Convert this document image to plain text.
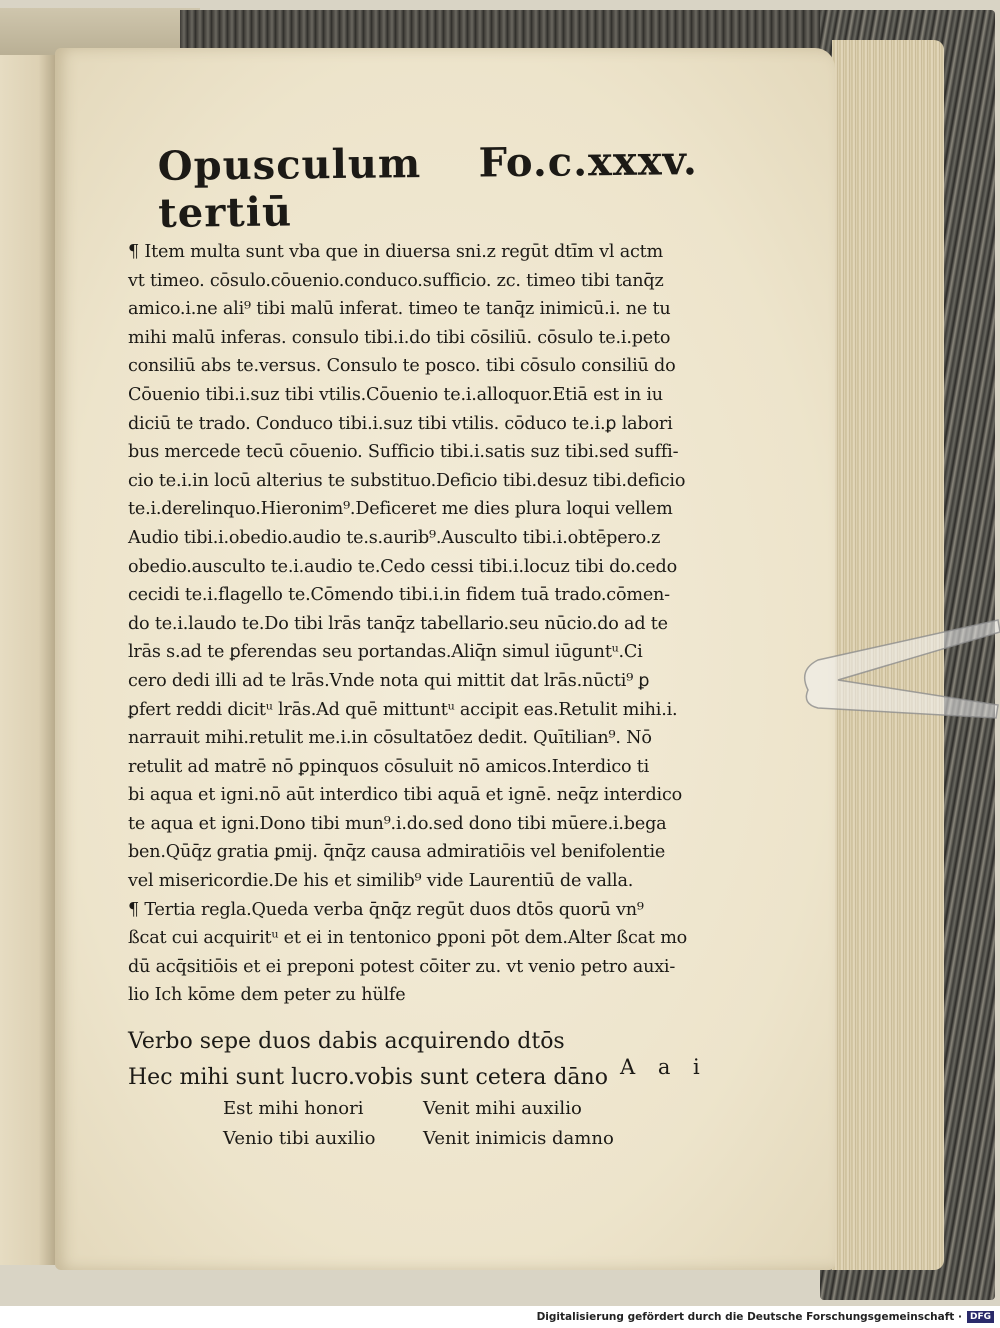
Opusculum tertiū
Fo.c.xxxv.
¶ Item multa sunt vba que in diuersa sni.z regūt dtīm vl actm
vt timeo. cōsulo.cōuenio.conduco.sufficio. zc. timeo tibi tanq̄z
amico.i.ne ali⁹ tibi malū inferat. timeo te tanq̄z inimicū.i. ne tu
mihi malū inferas. consulo tibi.i.do tibi cōsiliū. cōsulo te.i.peto
consiliū abs te.versus. Consulo te posco. tibi cōsulo consiliū do
Cōuenio tibi.i.suz tibi vtilis.Cōuenio te.i.alloquor.Etiā est in iu
diciū te trado. Conduco tibi.i.suz tibi vtilis. cōduco te.i.ꝑ labori
bus mercede tecū cōuenio. Sufficio tibi.i.satis suz tibi.sed suffi-
cio te.i.in locū alterius te substituo.Deficio tibi.desuz tibi.deficio
te.i.derelinquo.Hieronim⁹.Deficeret me dies plura loqui vellem
Audio tibi.i.obedio.audio te.s.aurib⁹.Ausculto tibi.i.obtēpero.z
obedio.ausculto te.i.audio te.Cedo cessi tibi.i.locuz tibi do.cedo
cecidi te.i.flagello te.Cōmendo tibi.i.in fidem tuā trado.cōmen-
do te.i.laudo te.Do tibi lrās tanq̄z tabellario.seu nūcio.do ad te
lrās s.ad te ꝑferendas seu portandas.Aliq̄n simul iūguntᵘ.Ci
cero dedi illi ad te lrās.Vnde nota qui mittit dat lrās.nūcti⁹ ꝑ
ꝑfert reddi dicitᵘ lrās.Ad quē mittuntᵘ accipit eas.Retulit mihi.i.
narrauit mihi.retulit me.i.in cōsultatōez dedit. Quītilian⁹. Nō
retulit ad matrē nō ꝑpinquos cōsuluit nō amicos.Interdico ti
bi aqua et igni.nō aūt interdico tibi aquā et ignē. neq̄z interdico
te aqua et igni.Dono tibi mun⁹.i.do.sed dono tibi mūere.i.bega
ben.Qūq̄z gratia ꝑmij. q̄nq̄z causa admiratiōis vel benifolentie
vel misericordie.De his et similib⁹ vide Laurentiū de valla.
¶ Tertia regla.Queda verba q̄nq̄z regūt duos dtōs quorū vn⁹
ßcat cui acquiritᵘ et ei in tentonico ꝑponi pōt dem.Alter ßcat mo
dū acq̄sitiōis et ei preponi potest cōiter zu. vt venio petro auxi-
lio Ich kōme dem peter zu hülfe
Verbo sepe duos dabis acquirendo dtōs
Hec mihi sunt lucro.vobis sunt cetera dāno
Est mihi honori	Venit mihi auxilio
Venio tibi auxilio	Venit inimicis damno
A a i
Digitalisierung gefördert durch die Deutsche Forschungsgemeinschaft · DFG
